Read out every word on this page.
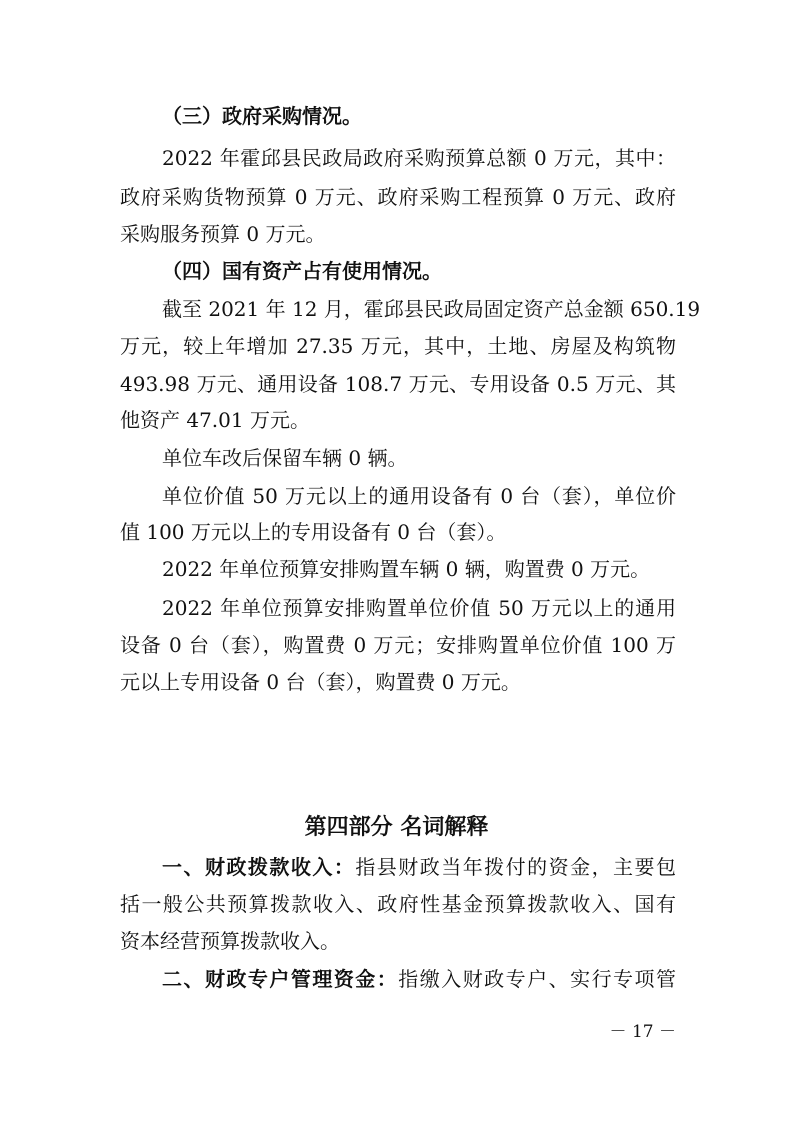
（三）政府采购情况。
2022 年霍邱县民政局政府采购预算总额 0 万元，其中：
政府采购货物预算 0 万元、政府采购工程预算 0 万元、政府
采购服务预算 0 万元。
（四）国有资产占有使用情况。
截至 2021 年 12 月，霍邱县民政局固定资产总金额 650.19
万元，较上年增加 27.35 万元，其中，土地、房屋及构筑物
493.98 万元、通用设备 108.7 万元、专用设备 0.5 万元、其
他资产 47.01 万元。
单位车改后保留车辆 0 辆。
单位价值 50 万元以上的通用设备有 0 台（套），单位价
值 100 万元以上的专用设备有 0 台（套）。
2022 年单位预算安排购置车辆 0 辆，购置费 0 万元。
2022 年单位预算安排购置单位价值 50 万元以上的通用
设备 0 台（套），购置费 0 万元；安排购置单位价值 100 万
元以上专用设备 0 台（套），购置费 0 万元。
第四部分 名词解释
一、财政拨款收入：指县财政当年拨付的资金，主要包
括一般公共预算拨款收入、政府性基金预算拨款收入、国有
资本经营预算拨款收入。
二、财政专户管理资金：指缴入财政专户、实行专项管
－ 17 －
